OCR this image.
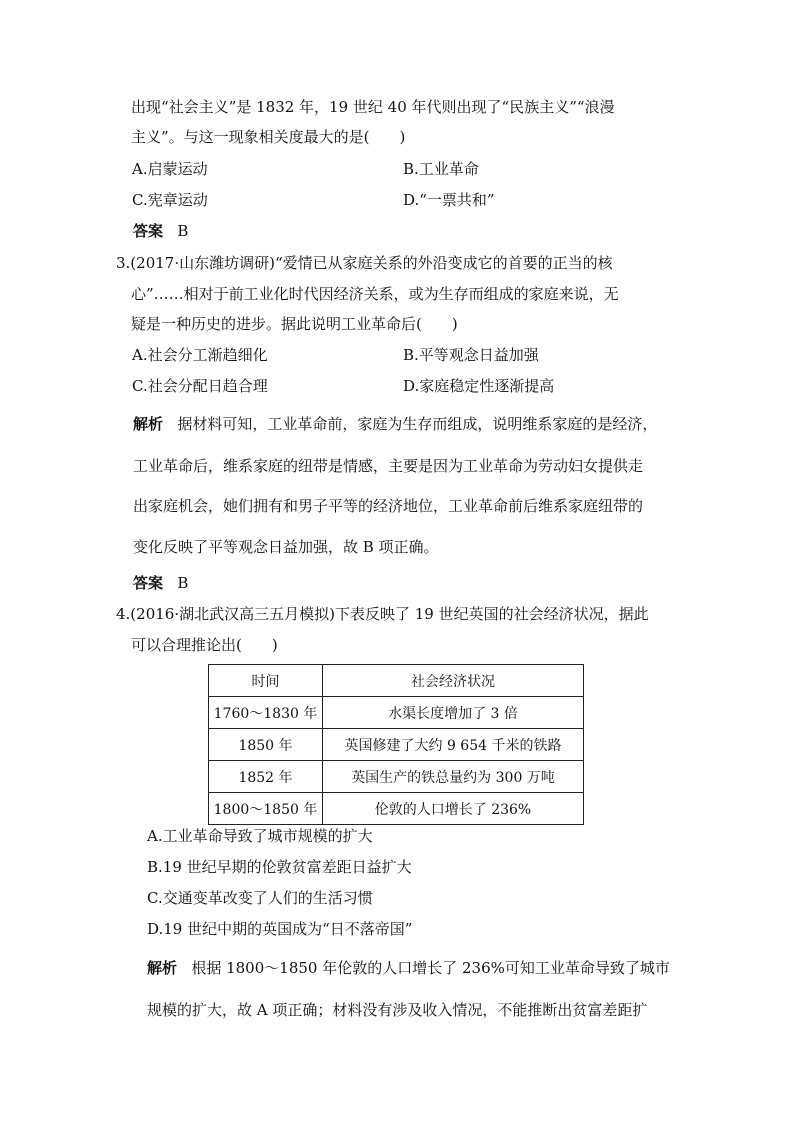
出现“社会主义”是 1832 年，19 世纪 40 年代则出现了“民族主义”“浪漫
主义”。与这一现象相关度最大的是(　　)
A.启蒙运动	B.工业革命
C.宪章运动	D.“一票共和”
答案 B
3.(2017·山东潍坊调研)“爱情已从家庭关系的外沿变成它的首要的正当的核
心”……相对于前工业化时代因经济关系，或为生存而组成的家庭来说，无
疑是一种历史的进步。据此说明工业革命后(　　)
A.社会分工渐趋细化	B.平等观念日益加强
C.社会分配日趋合理	D.家庭稳定性逐渐提高
解析 据材料可知，工业革命前，家庭为生存而组成，说明维系家庭的是经济，
工业革命后，维系家庭的纽带是情感，主要是因为工业革命为劳动妇女提供走
出家庭机会，她们拥有和男子平等的经济地位，工业革命前后维系家庭纽带的
变化反映了平等观念日益加强，故 B 项正确。
答案 B
4.(2016·湖北武汉高三五月模拟)下表反映了 19 世纪英国的社会经济状况，据此
可以合理推论出(　　)
时间	社会经济状况
1760～1830 年	水渠长度增加了 3 倍
1850 年	英国修建了大约 9 654 千米的铁路
1852 年	英国生产的铁总量约为 300 万吨
1800～1850 年	伦敦的人口增长了 236%
A.工业革命导致了城市规模的扩大
B.19 世纪早期的伦敦贫富差距日益扩大
C.交通变革改变了人们的生活习惯
D.19 世纪中期的英国成为“日不落帝国”
解析 根据 1800～1850 年伦敦的人口增长了 236%可知工业革命导致了城市
规模的扩大，故 A 项正确；材料没有涉及收入情况，不能推断出贫富差距扩
